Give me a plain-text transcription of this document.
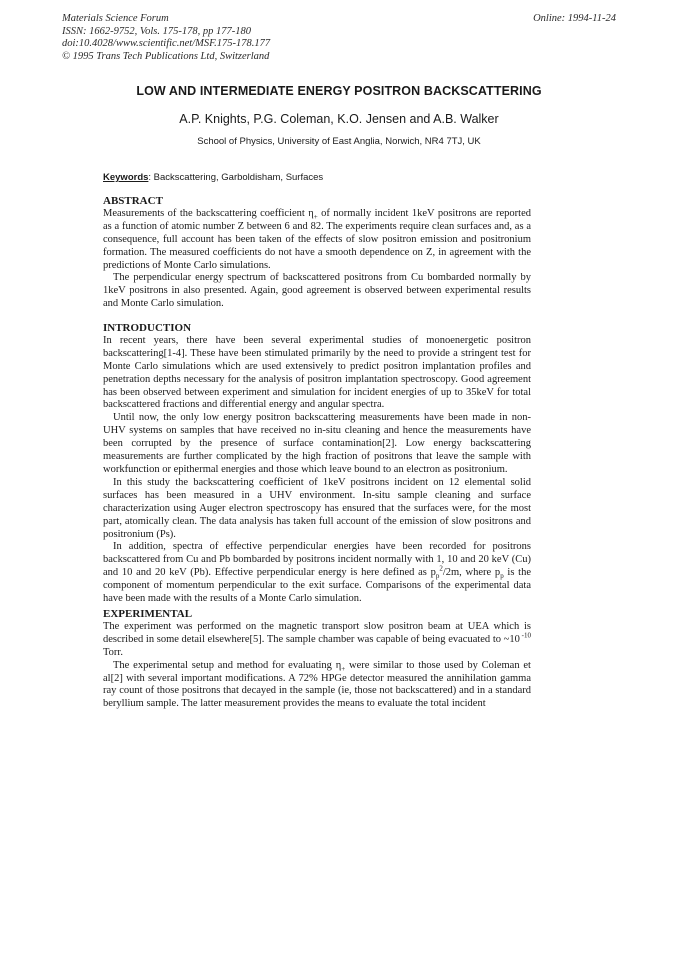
Materials Science Forum
ISSN: 1662-9752, Vols. 175-178, pp 177-180
doi:10.4028/www.scientific.net/MSF.175-178.177
© 1995 Trans Tech Publications Ltd, Switzerland
Online: 1994-11-24
LOW AND INTERMEDIATE ENERGY POSITRON BACKSCATTERING
A.P. Knights, P.G. Coleman, K.O. Jensen and A.B. Walker
School of Physics, University of East Anglia, Norwich, NR4 7TJ, UK
Keywords: Backscattering, Garboldisham, Surfaces
ABSTRACT

Measurements of the backscattering coefficient $\eta_+$ of normally incident 1keV positrons are reported as a function of atomic number Z between 6 and 82. The experiments require clean surfaces and, as a consequence, full account has been taken of the effects of slow positron emission and positronium formation. The measured coefficients do not have a smooth dependence on Z, in agreement with the predictions of Monte Carlo simulations.

The perpendicular energy spectrum of backscattered positrons from Cu bombarded normally by 1keV positrons in also presented. Again, good agreement is observed between experimental results and Monte Carlo simulation.

INTRODUCTION

In recent years, there have been several experimental studies of monoenergetic positron backscattering[1-4]. These have been stimulated primarily by the need to provide a stringent test for Monte Carlo simulations which are used extensively to predict positron implantation profiles and penetration depths necessary for the analysis of positron implantation spectroscopy. Good agreement has been observed between experiment and simulation for incident energies of up to 35keV for total backscattered fractions and differential energy and angular spectra.

Until now, the only low energy positron backscattering measurements have been made in non- UHV systems on samples that have received no in-situ cleaning and hence the measurements have been corrupted by the presence of surface contamination[2]. Low energy backscattering measurements are further complicated by the high fraction of positrons that leave the sample with workfunction or epithermal energies and those which leave bound to an electron as positronium.

In this study the backscattering coefficient of 1keV positrons incident on 12 elemental solid surfaces has been measured in a UHV environment. In-situ sample cleaning and surface characterization using Auger electron spectroscopy has ensured that the surfaces were, for the most part, atomically clean. The data analysis has taken full account of the emission of slow positrons and positronium (Ps).

In addition, spectra of effective perpendicular energies have been recorded for positrons backscattered from Cu and Pb bombarded by positrons incident normally with 1, 10 and 20 keV (Cu) and 10 and 20 keV (Pb). Effective perpendicular energy is here defined as $p_p^2/2m$, where $p_p$ is the component of momentum perpendicular to the exit surface. Comparisons of the experimental data have been made with the results of a Monte Carlo simulation.

EXPERIMENTAL

The experiment was performed on the magnetic transport slow positron beam at UEA which is described in some detail elsewhere[5]. The sample chamber was capable of being evacuated to ~10 $^{-10}$ Torr.

The experimental setup and method for evaluating $\eta_+$ were similar to those used by Coleman et al[2] with several important modifications. A 72% HPGe detector measured the annihilation gamma ray count of those positrons that decayed in the sample (ie, those not backscattered) and in a standard beryllium sample. The latter measurement provides the means to evaluate the total incident
